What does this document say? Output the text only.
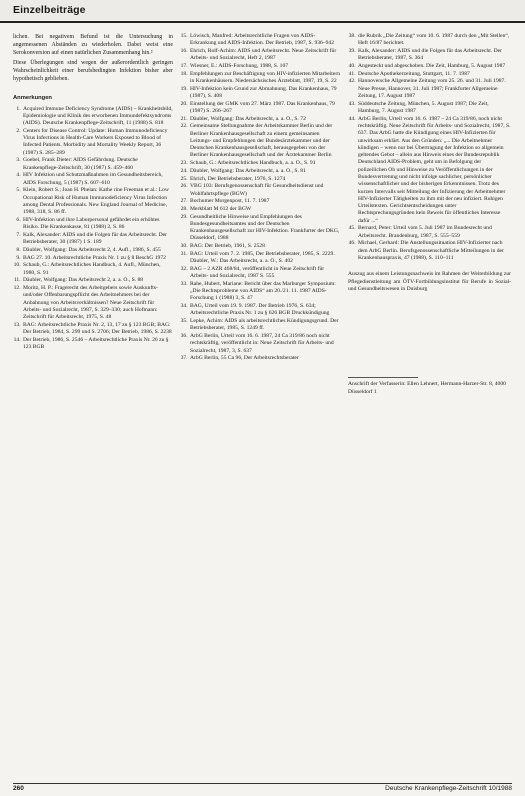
Einzelbeiträge

lichen. Bei negativem Befund ist die Untersuchung in angemessenen Abständen zu wiederholen. Dabei weist eine Serokonversion auf einen natürlichen Zusammenhang hin.²

Diese Überlegungen sind wegen der außerordentlich geringen Wahrscheinlichkeit einer berufsbedingten Infektion bisher aber hypothetisch geblieben.

Anmerkungen
1. Acquired Immune Deficiency Syndrome (AIDS) – Krankheitsbild, Epidemiologie und Klinik des erworbenen Immundefektsyndroms (AIDS). Deutsche Krankenpflege-Zeitschrift, 11 (1988) S. 818
2. Centers for Disease Control: Update: Human Immunodeficiency Virus Infections in Health-Care Workers Exposed to Blood of Infected Patients. Morbidity and Mortality Weekly Report, 36 (1987) S. 285–289
3. Goebel, Frank Dieter: AIDS Gefährdung. Deutsche Krankenpflege-Zeitschrift, 30 (1987) S. 459–460
4. HIV Infektion und Schutzmaßnahmen im Gesundheitsbereich, AIDS Forschung, 5 (1987) S. 607–610
5. Klein, Robert S.; Joan H. Phelan: Kathe rine Freeman et al.: Low Occupational Risk of Human Immunodeficiency Virus Infection among Dental Professionals. New England Journal of Medicine, 1988, 318, S. 86 ff.
6. HIV-Infektion und ihre Laborpersonal gefährdet ein erhöhtes Risiko. Die Krankenkasse, 81 (1988) 2, S. 86
7. Kalk, Alexander: AIDS und die Folgen für das Arbeitsrecht. Der Betriebsberater, 30 (1987) 1 S. 189
8. Däubler, Wolfgang: Das Arbeitsrecht 2, 4. Aufl., 1986, S. 455
9. BAG 27. 10. Arbeitsrechtliche Praxis Nr. 1 zu § 8 BeschG 1972
10. Schaub, G.: Arbeitsrechtliches Handbuch, 4. Aufl., München, 1980, S. 91
11. Däubler, Wolfgang: Das Arbeitsrecht 2, a. a. O., S. 88
12. Moritz, H. P.: Fragerecht des Arbeitgebers sowie Auskunfts- und/oder Offenbarungspflicht des Arbeitnehmers bei der Anbahnung von Arbeitsverhältnissen? Neue Zeitschrift für Arbeits- und Sozialrecht, 1987, S. 329–330; auch Hofmann: Zeitschrift für Arbeitsrecht, 1975, S. 48
13. BAG: Arbeitsrechtliche Praxis Nr. 2, 13, 17 zu § 123 BGB; BAG: Der Betrieb, 1984, S. 299 und S. 2706; Der Betrieb, 1986, S. 2238
14. Der Betrieb, 1986, S. 2546 – Arbeitsrechtliche Praxis Nr. 26 zu § 123 BGB
15. Löwisch, Manfred: Arbeitsrechtliche Fragen von AIDS-Erkrankung und AIDS-Infektion. Der Betrieb, 1987, S. 936–942
16. Ehrich, Rolf-Achim: AIDS und Arbeitsrecht. Neue Zeitschrift für Arbeits- und Sozialrecht, Heft 2, 1987
17. Wiesner, E.: AIDS-Forschung, 1988, S. 107
18. Empfehlungen zur Beschäftigung von HIV-infizierten Mitarbeitern in Krankenhäusern. Niedersächsisches Ärzteblatt, 1987, 19, S. 22
19. HIV-Infektion kein Grund zur Abmahnung. Das Krankenhaus, 79 (1987), S. 408
20. Einstellung der GMK vom 27. März 1987. Das Krankenhaus, 79 (1987) S. 266–267
21. Däubler, Wolfgang: Das Arbeitsrecht, a. a. O., S. 72
22. Gemeinsame Stellungnahme der Arbeitskammer Berlin und der Berliner Krankenhausgesellschaft zu einem gemeinsamen Leitungs- und Empfehlungen der Bundesärztekammer und der Deutschen Krankenhausgesellschaft, herausgegeben von der Berliner Krankenhausgesellschaft und der Ärztekammer Berlin
23. Schaub, G.: Arbeitsrechtliches Handbuch, a. a. O., S. 91
24. Däubler, Wolfgang: Das Arbeitsrecht, a. a. O., S. 81
25. Ehrich, Der Betriebsberater, 1976, S. 1274
26. VBG 103: Berufsgenossenschaft für Gesundheitsdienst und Wohlfahrtspflege (BGW)
27. Bochumer Morgenpost, 11. 7. 1987
28. Merkblatt M 612 der BGW
29. Gesundheitliche Hinweise und Empfehlungen des Bundesgesundheitsamtes und der Deutschen Krankenhausgesellschaft zur HIV-Infektion. Frankfurter der DKG, Düsseldorf, 1988
30. BAG: Der Betrieb, 1961, S. 2528
31. BAG: Urteil vom 7. 2. 1985, Der Betriebsberater, 1985, S. 2229. Däubler, W.: Das Arbeitsrecht, a. a. O., S. 402
32. BAG – 2 AZR 468/84, veröffentlicht in Neue Zeitschrift für Arbeits- und Sozialrecht, 1987 S. 555
33. Rahe, Hubert, Mariane: Bericht über das Marburger Symposium: „Die Rechtsprobleme von AIDS“ am 20./21. 11. 1987 AIDS-Forschung 1 (1988) 3, S. 47
34. BAG, Urteil vom 19. 9. 1987. Der Betrieb 1976, S. 634; Arbeitsrechtliche Praxis Nr. 1 zu § 626 BGB Druckkündigung
35. Lepke, Achim: AIDS als arbeitsrechtliches Kündigungsgrund. Der Betriebsberater, 1985, S. 1249 ff.
36. ArbG Berlin, Urteil vom 16. 6. 1987, 24 Ca 319/86 noch nicht rechtskräftig, veröffentlicht in: Neue Zeitschrift für Arbeits- und Sozialrecht, 1987, 3, S. 637
37. ArbG Berlin, 55 Ca 96, Der Arbeitsrechtsberater
38. die Rubrik „Die Zeitung“ vom 10. 6. 1987 durch den „Mit Stellen“, Heft 16/87 berichtet.
39. Kalk, Alexander: AIDS und die Folgen für das Arbeitsrecht. Der Betriebsberater, 1987, S. 364
40. Angesteckt und abgeschoben. Die Zeit, Hamburg, 5. August 1987
41. Deutsche Apothekerzeitung, Stuttgart, 11. 7. 1987
42. Hannoversche Allgemeine Zeitung vom 25. 26. und 31. Juli 1987. Neue Presse, Hannover, 31. Juli 1987; Frankfurter Allgemeine Zeitung, 17. August 1987
43. Süddeutsche Zeitung, München, 5. August 1987; Die Zeit, Hamburg, 7. August 1987
44. ArbG Berlin, Urteil vom 16. 6. 1987 – 24 Ca 319/86, noch nicht rechtskräftig. Neue Zeitschrift für Arbeits- und Sozialrecht, 1987, S. 637. Das ArbG hatte die Kündigung eines HIV-Infizierten für unwirksam erklärt. Aus den Gründen: „... Die Arbeitnehmer kündigen – wenn nur bei Übertragung der Infektion so allgemein geltendes Gebot – allein aus Hinweis eines der Bundesrepublik Deutschland AIDS-Problem, geht um in Befolgung der polizeilichen Ob und Hinweise zu Veröffentlichungen in der Bundesvertretung und nicht infolge sachlicher, persönlicher wissenschaftlicher und der bisherigen Erkenntnissen. Trotz des kurzen Intervalls seit Mitteilung der Infizierung der Arbeitnehmer HIV-Infizierter Tätigkeiten zu ihm mit der neu infiziert. Ruhigen Urteilstexten. Gerichtsentscheidungen unter Rechtsprechungsgründen kein Beweis für öffentliches Interesse dafür ...“
45. Bernard, Peter: Urteil vom 5. Juli 1987 im Bundesrecht und Arbeitsrecht. Brandenburg, 1987, S. 555–559
46. Michael, Gerhard: Die Anstellungssituation HIV-Infizierter nach dem ArbG Berlin. Berufsgenossenschaftliche Mitteilungen in der Krankenhauspraxis, 47 (1988), S. 110–111

Auszug aus einem Leistungsnachweis im Rahmen der Weiterbildung zur Pflegedienstleitung am ÖTV-Fortbildungsinstitut für Berufe in Sozial- und Gesundheitswesen in Duisburg

Anschrift der Verfasserin: Ellen Lehnert, Hermann-Harzer-Str. 8, 4000 Düsseldorf 1

260	Deutsche Krankenpflege-Zeitschrift 10/1988
